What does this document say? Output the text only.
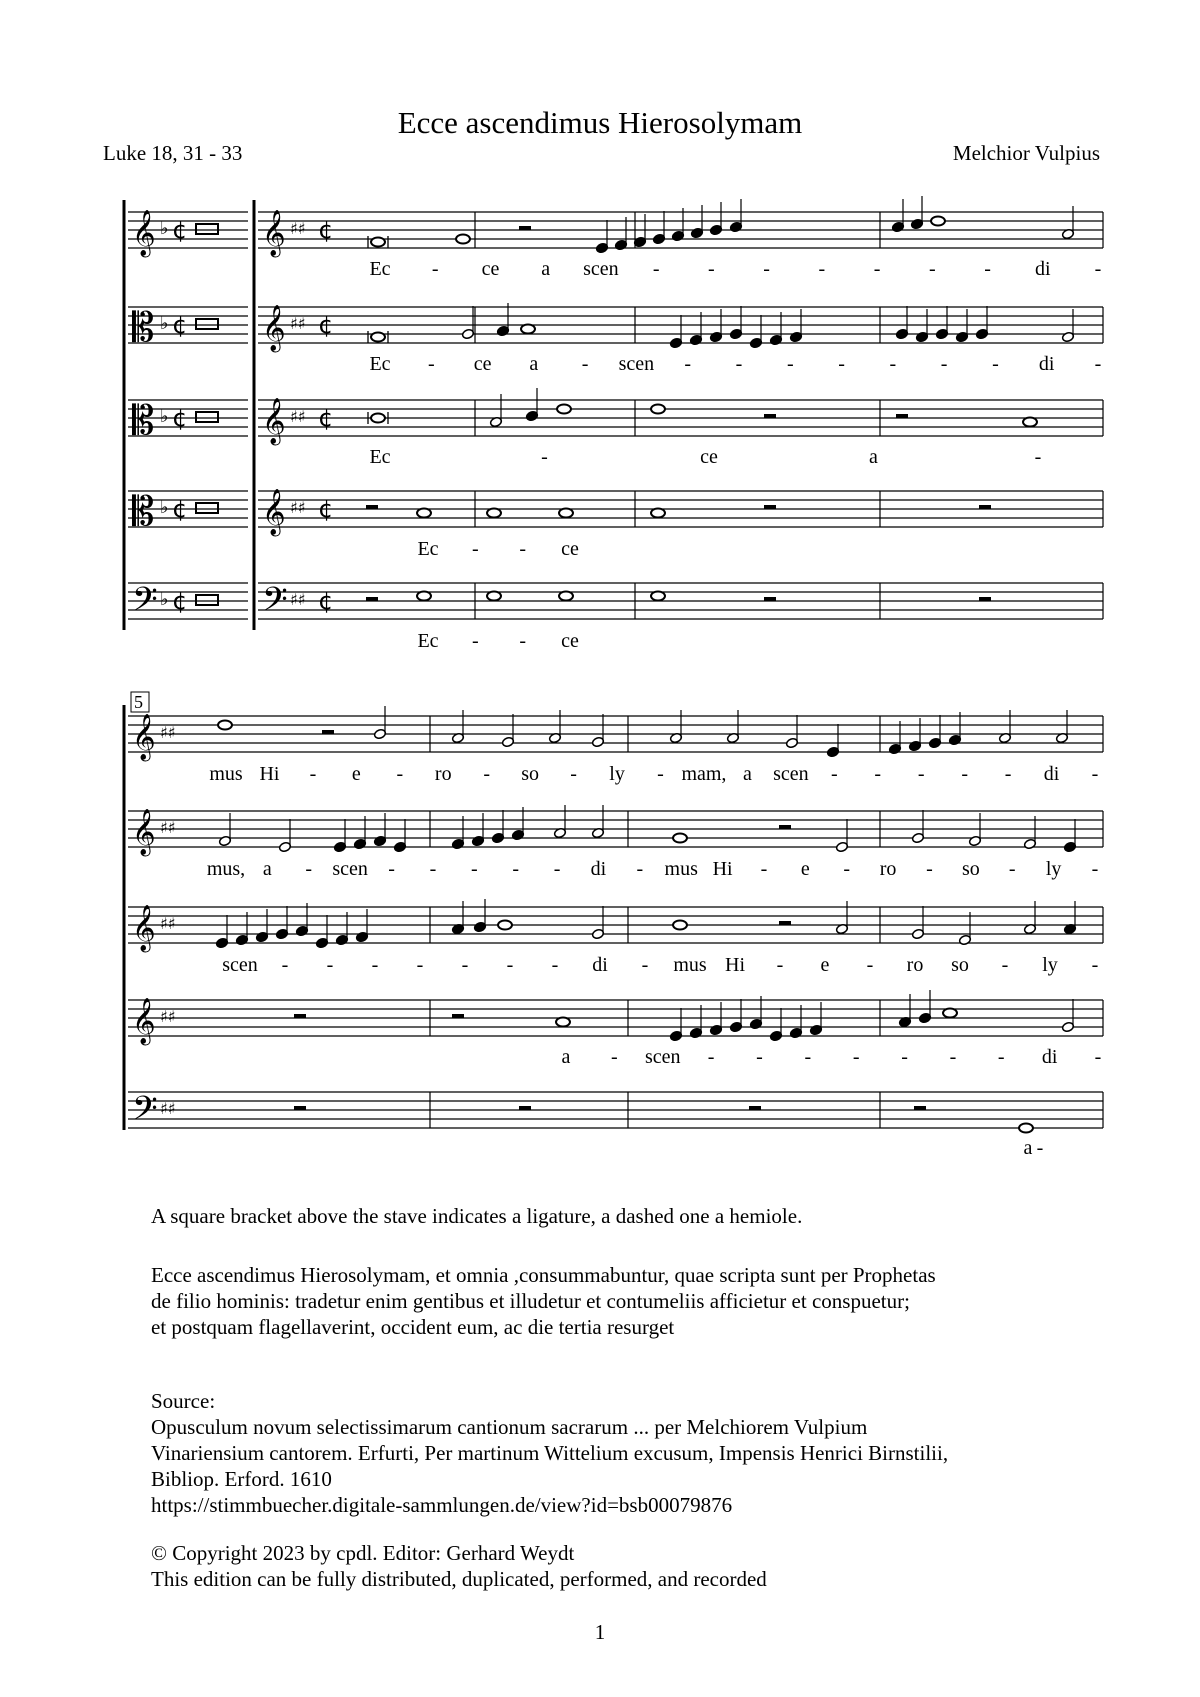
Ecce ascendimus Hierosolymam
Luke 18, 31 - 33	Melchior Vulpius
𝄞	𝄞
♭ ¢	♯♯ ¢
𝄡	𝄞
♭ ¢	♯♯ ¢
𝄡	𝄞
♭ ¢	♯♯ ¢
𝄡	𝄞
♭ ¢	♯♯ ¢
𝄢	𝄢
♭ ¢	♯♯ ¢
Ec - ce a scen - - - - - - - di -
Ec - ce a - scen - - - - - - - di -
Ec	-	ce	a	-
Ec - - ce
Ec - - ce
𝄞 ♯♯
𝄞 ♯♯
𝄞 ♯♯
𝄞 ♯♯
𝄢 ♯♯
5
mus Hi - e - ro - so - ly - mam, a scen - - - - - di -
mus, a - scen - - - - - di - mus Hi - e - ro - so - ly -
scen - - - - - - - di - mus Hi - e - ro so - ly -
a - scen - - - - - - - di -
a -
A square bracket above the stave indicates a ligature, a dashed one a hemiole.
Ecce ascendimus Hierosolymam, et omnia ,consummabuntur, quae scripta sunt per Prophetas
de filio hominis: tradetur enim gentibus et illudetur et contumeliis afficietur et conspuetur;
et postquam flagellaverint, occident eum, ac die tertia resurget
Source:
Opusculum novum selectissimarum cantionum sacrarum ... per Melchiorem Vulpium
Vinariensium cantorem. Erfurti, Per martinum Wittelium excusum, Impensis Henrici Birnstilii,
Bibliop. Erford. 1610
https://stimmbuecher.digitale-sammlungen.de/view?id=bsb00079876
© Copyright 2023 by cpdl. Editor: Gerhard Weydt
This edition can be fully distributed, duplicated, performed, and recorded
1
